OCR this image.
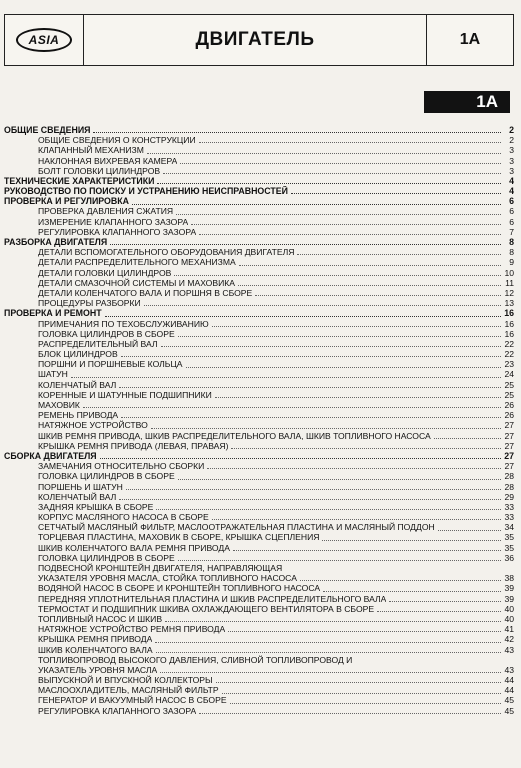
ASIA	ДВИГАТЕЛЬ	1A
1A
ОБЩИЕ СВЕДЕНИЯ	2
ОБЩИЕ СВЕДЕНИЯ О КОНСТРУКЦИИ	2
КЛАПАННЫЙ МЕХАНИЗМ	3
НАКЛОННАЯ ВИХРЕВАЯ КАМЕРА	3
БОЛТ ГОЛОВКИ ЦИЛИНДРОВ	3
ТЕХНИЧЕСКИЕ ХАРАКТЕРИСТИКИ	4
РУКОВОДСТВО ПО ПОИСКУ И УСТРАНЕНИЮ НЕИСПРАВНОСТЕЙ	4
ПРОВЕРКА И РЕГУЛИРОВКА	6
ПРОВЕРКА ДАВЛЕНИЯ СЖАТИЯ	6
ИЗМЕРЕНИЕ КЛАПАННОГО ЗАЗОРА	6
РЕГУЛИРОВКА КЛАПАННОГО ЗАЗОРА	7
РАЗБОРКА ДВИГАТЕЛЯ	8
ДЕТАЛИ ВСПОМОГАТЕЛЬНОГО ОБОРУДОВАНИЯ ДВИГАТЕЛЯ	8
ДЕТАЛИ РАСПРЕДЕЛИТЕЛЬНОГО МЕХАНИЗМА	9
ДЕТАЛИ ГОЛОВКИ ЦИЛИНДРОВ	10
ДЕТАЛИ СМАЗОЧНОЙ СИСТЕМЫ И МАХОВИКА	11
ДЕТАЛИ КОЛЕНЧАТОГО ВАЛА И ПОРШНЯ В СБОРЕ	12
ПРОЦЕДУРЫ РАЗБОРКИ	13
ПРОВЕРКА И РЕМОНТ	16
ПРИМЕЧАНИЯ ПО ТЕХОБСЛУЖИВАНИЮ	16
ГОЛОВКА ЦИЛИНДРОВ В СБОРЕ	16
РАСПРЕДЕЛИТЕЛЬНЫЙ ВАЛ	22
БЛОК ЦИЛИНДРОВ	22
ПОРШНИ И ПОРШНЕВЫЕ КОЛЬЦА	23
ШАТУН	24
КОЛЕНЧАТЫЙ ВАЛ	25
КОРЕННЫЕ И ШАТУННЫЕ ПОДШИПНИКИ	25
МАХОВИК	26
РЕМЕНЬ ПРИВОДА	26
НАТЯЖНОЕ УСТРОЙСТВО	27
ШКИВ РЕМНЯ ПРИВОДА, ШКИВ РАСПРЕДЕЛИТЕЛЬНОГО ВАЛА, ШКИВ ТОПЛИВНОГО НАСОСА	27
КРЫШКА РЕМНЯ ПРИВОДА (ЛЕВАЯ, ПРАВАЯ)	27
СБОРКА ДВИГАТЕЛЯ	27
ЗАМЕЧАНИЯ ОТНОСИТЕЛЬНО СБОРКИ	27
ГОЛОВКА ЦИЛИНДРОВ В СБОРЕ	28
ПОРШЕНЬ И ШАТУН	28
КОЛЕНЧАТЫЙ ВАЛ	29
ЗАДНЯЯ КРЫШКА В СБОРЕ	33
КОРПУС МАСЛЯНОГО НАСОСА В СБОРЕ	33
СЕТЧАТЫЙ МАСЛЯНЫЙ ФИЛЬТР, МАСЛООТРАЖАТЕЛЬНАЯ ПЛАСТИНА И МАСЛЯНЫЙ ПОДДОН	34
ТОРЦЕВАЯ ПЛАСТИНА, МАХОВИК В СБОРЕ, КРЫШКА СЦЕПЛЕНИЯ	35
ШКИВ КОЛЕНЧАТОГО ВАЛА РЕМНЯ ПРИВОДА	35
ГОЛОВКА ЦИЛИНДРОВ В СБОРЕ	36
ПОДВЕСНОЙ КРОНШТЕЙН ДВИГАТЕЛЯ, НАПРАВЛЯЮЩАЯ
УКАЗАТЕЛЯ УРОВНЯ МАСЛА, СТОЙКА ТОПЛИВНОГО НАСОСА	38
ВОДЯНОЙ НАСОС В СБОРЕ И КРОНШТЕЙН ТОПЛИВНОГО НАСОСА	39
ПЕРЕДНЯЯ УПЛОТНИТЕЛЬНАЯ ПЛАСТИНА И ШКИВ РАСПРЕДЕЛИТЕЛЬНОГО ВАЛА	39
ТЕРМОСТАТ И ПОДШИПНИК ШКИВА ОХЛАЖДАЮЩЕГО ВЕНТИЛЯТОРА В СБОРЕ	40
ТОПЛИВНЫЙ НАСОС И ШКИВ	40
НАТЯЖНОЕ УСТРОЙСТВО РЕМНЯ ПРИВОДА	41
КРЫШКА РЕМНЯ ПРИВОДА	42
ШКИВ КОЛЕНЧАТОГО ВАЛА	43
ТОПЛИВОПРОВОД ВЫСОКОГО ДАВЛЕНИЯ, СЛИВНОЙ ТОПЛИВОПРОВОД И
УКАЗАТЕЛЬ УРОВНЯ МАСЛА	43
ВЫПУСКНОЙ И ВПУСКНОЙ КОЛЛЕКТОРЫ	44
МАСЛООХЛАДИТЕЛЬ, МАСЛЯНЫЙ ФИЛЬТР	44
ГЕНЕРАТОР И ВАКУУМНЫЙ НАСОС В СБОРЕ	45
РЕГУЛИРОВКА КЛАПАННОГО ЗАЗОРА	45
